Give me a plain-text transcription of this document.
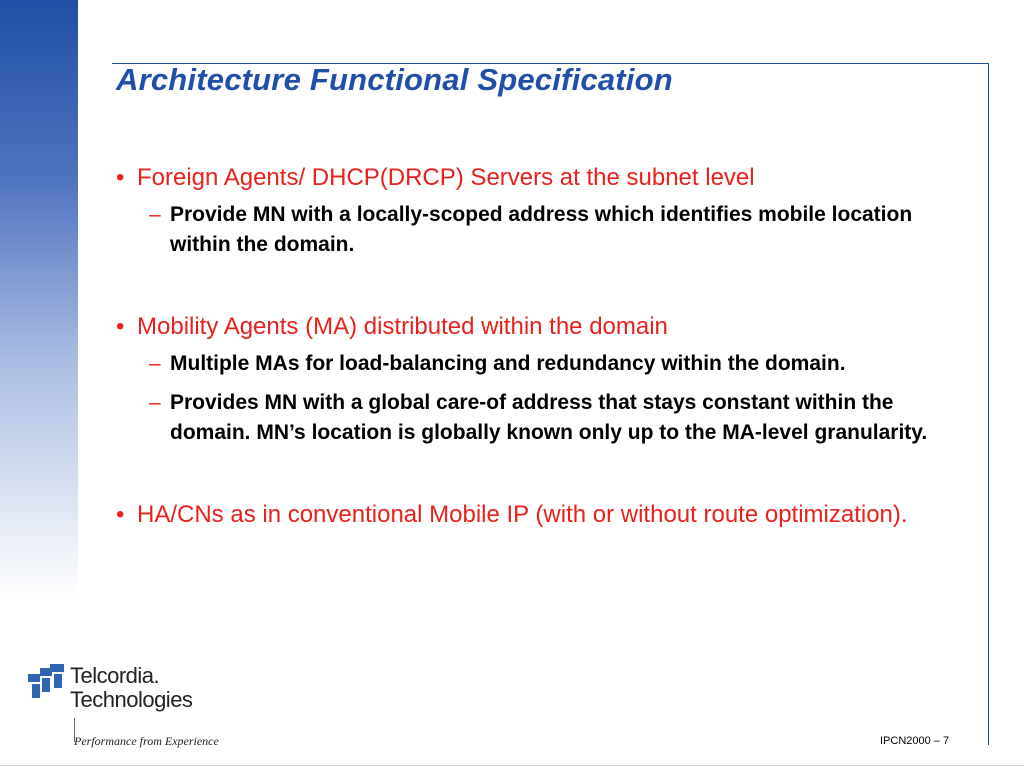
Architecture Functional Specification
• Foreign Agents/ DHCP(DRCP) Servers at the subnet level
– Provide MN with a locally-scoped address which identifies mobile location within the domain.
• Mobility Agents (MA) distributed within the domain
– Multiple MAs for load-balancing and redundancy within the domain.
– Provides MN with a global care-of address that stays constant within the domain. MN’s location is globally known only up to the MA-level granularity.
• HA/CNs as in conventional Mobile IP (with or without route optimization).
Telcordia.
Technologies
Performance from Experience	IPCN2000 – 7
